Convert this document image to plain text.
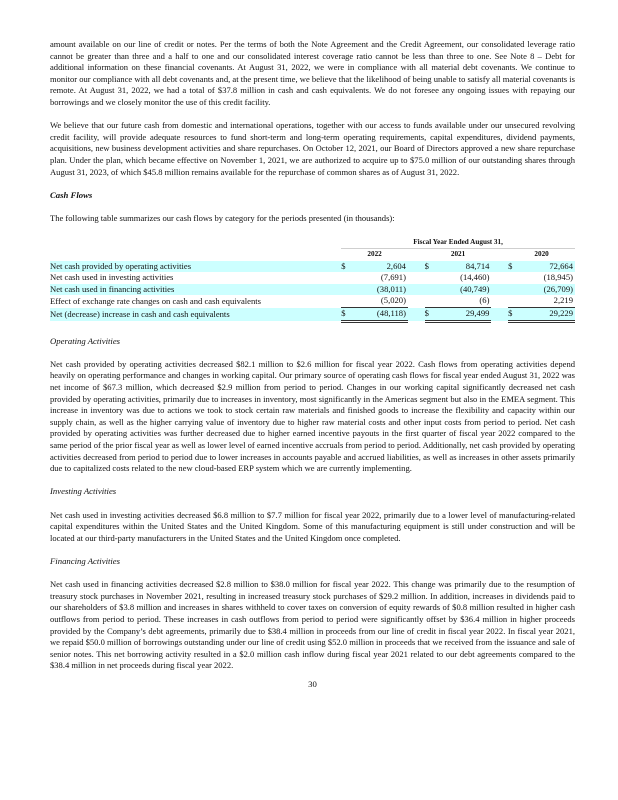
amount available on our line of credit or notes. Per the terms of both the Note Agreement and the Credit Agreement, our consolidated leverage ratio cannot be greater than three and a half to one and our consolidated interest coverage ratio cannot be less than three to one. See Note 8 – Debt for additional information on these financial covenants. At August 31, 2022, we were in compliance with all material debt covenants. We continue to monitor our compliance with all debt covenants and, at the present time, we believe that the likelihood of being unable to satisfy all material covenants is remote. At August 31, 2022, we had a total of $37.8 million in cash and cash equivalents. We do not foresee any ongoing issues with repaying our borrowings and we closely monitor the use of this credit facility.

We believe that our future cash from domestic and international operations, together with our access to funds available under our unsecured revolving credit facility, will provide adequate resources to fund short-term and long-term operating requirements, capital expenditures, dividend payments, acquisitions, new business development activities and share repurchases. On October 12, 2021, our Board of Directors approved a new share repurchase plan. Under the plan, which became effective on November 1, 2021, we are authorized to acquire up to $75.0 million of our outstanding shares through August 31, 2023, of which $45.8 million remains available for the repurchase of common shares as of August 31, 2022.

Cash Flows

The following table summarizes our cash flows by category for the periods presented (in thousands):

	Fiscal Year Ended August 31,							
	2022			2021			2020	
Net cash provided by operating activities	$	2,604		$	84,714		$	72,664
Net cash used in investing activities		(7,691)			(14,460)			(18,945)
Net cash used in financing activities		(38,011)			(40,749)			(26,709)
Effect of exchange rate changes on cash and cash equivalents		(5,020)			(6)			2,219
Net (decrease) increase in cash and cash equivalents	$	(48,118)		$	29,499		$	29,229
Operating Activities

Net cash provided by operating activities decreased $82.1 million to $2.6 million for fiscal year 2022. Cash flows from operating activities depend heavily on operating performance and changes in working capital. Our primary source of operating cash flows for fiscal year ended August 31, 2022 was net income of $67.3 million, which decreased $2.9 million from period to period. Changes in our working capital significantly decreased net cash provided by operating activities, primarily due to increases in inventory, most significantly in the Americas segment but also in the EMEA segment. This increase in inventory was due to actions we took to stock certain raw materials and finished goods to increase the flexibility and capacity within our supply chain, as well as the higher carrying value of inventory due to higher raw material costs and other input costs from period to period. Net cash provided by operating activities was further decreased due to higher earned incentive payouts in the first quarter of fiscal year 2022 compared to the same period of the prior fiscal year as well as lower level of earned incentive accruals from period to period. Additionally, net cash provided by operating activities decreased from period to period due to lower increases in accounts payable and accrued liabilities, as well as increases in other assets primarily due to capitalized costs related to the new cloud-based ERP system which we are currently implementing.

Investing Activities

Net cash used in investing activities decreased $6.8 million to $7.7 million for fiscal year 2022, primarily due to a lower level of manufacturing-related capital expenditures within the United States and the United Kingdom. Some of this manufacturing equipment is still under construction and will be located at our third-party manufacturers in the United States and the United Kingdom once completed.

Financing Activities

Net cash used in financing activities decreased $2.8 million to $38.0 million for fiscal year 2022. This change was primarily due to the resumption of treasury stock purchases in November 2021, resulting in increased treasury stock purchases of $29.2 million. In addition, increases in dividends paid to our shareholders of $3.8 million and increases in shares withheld to cover taxes on conversion of equity rewards of $0.8 million resulted in higher cash outflows from period to period. These increases in cash outflows from period to period were significantly offset by $36.4 million in higher proceeds provided by the Company’s debt agreements, primarily due to $38.4 million in proceeds from our line of credit in fiscal year 2022. In fiscal year 2021, we repaid $50.0 million of borrowings outstanding under our line of credit using $52.0 million in proceeds that we received from the issuance and sale of senior notes. This net borrowing activity resulted in a $2.0 million cash inflow during fiscal year 2021 related to our debt agreements compared to the $38.4 million in net proceeds during fiscal year 2022.

30
